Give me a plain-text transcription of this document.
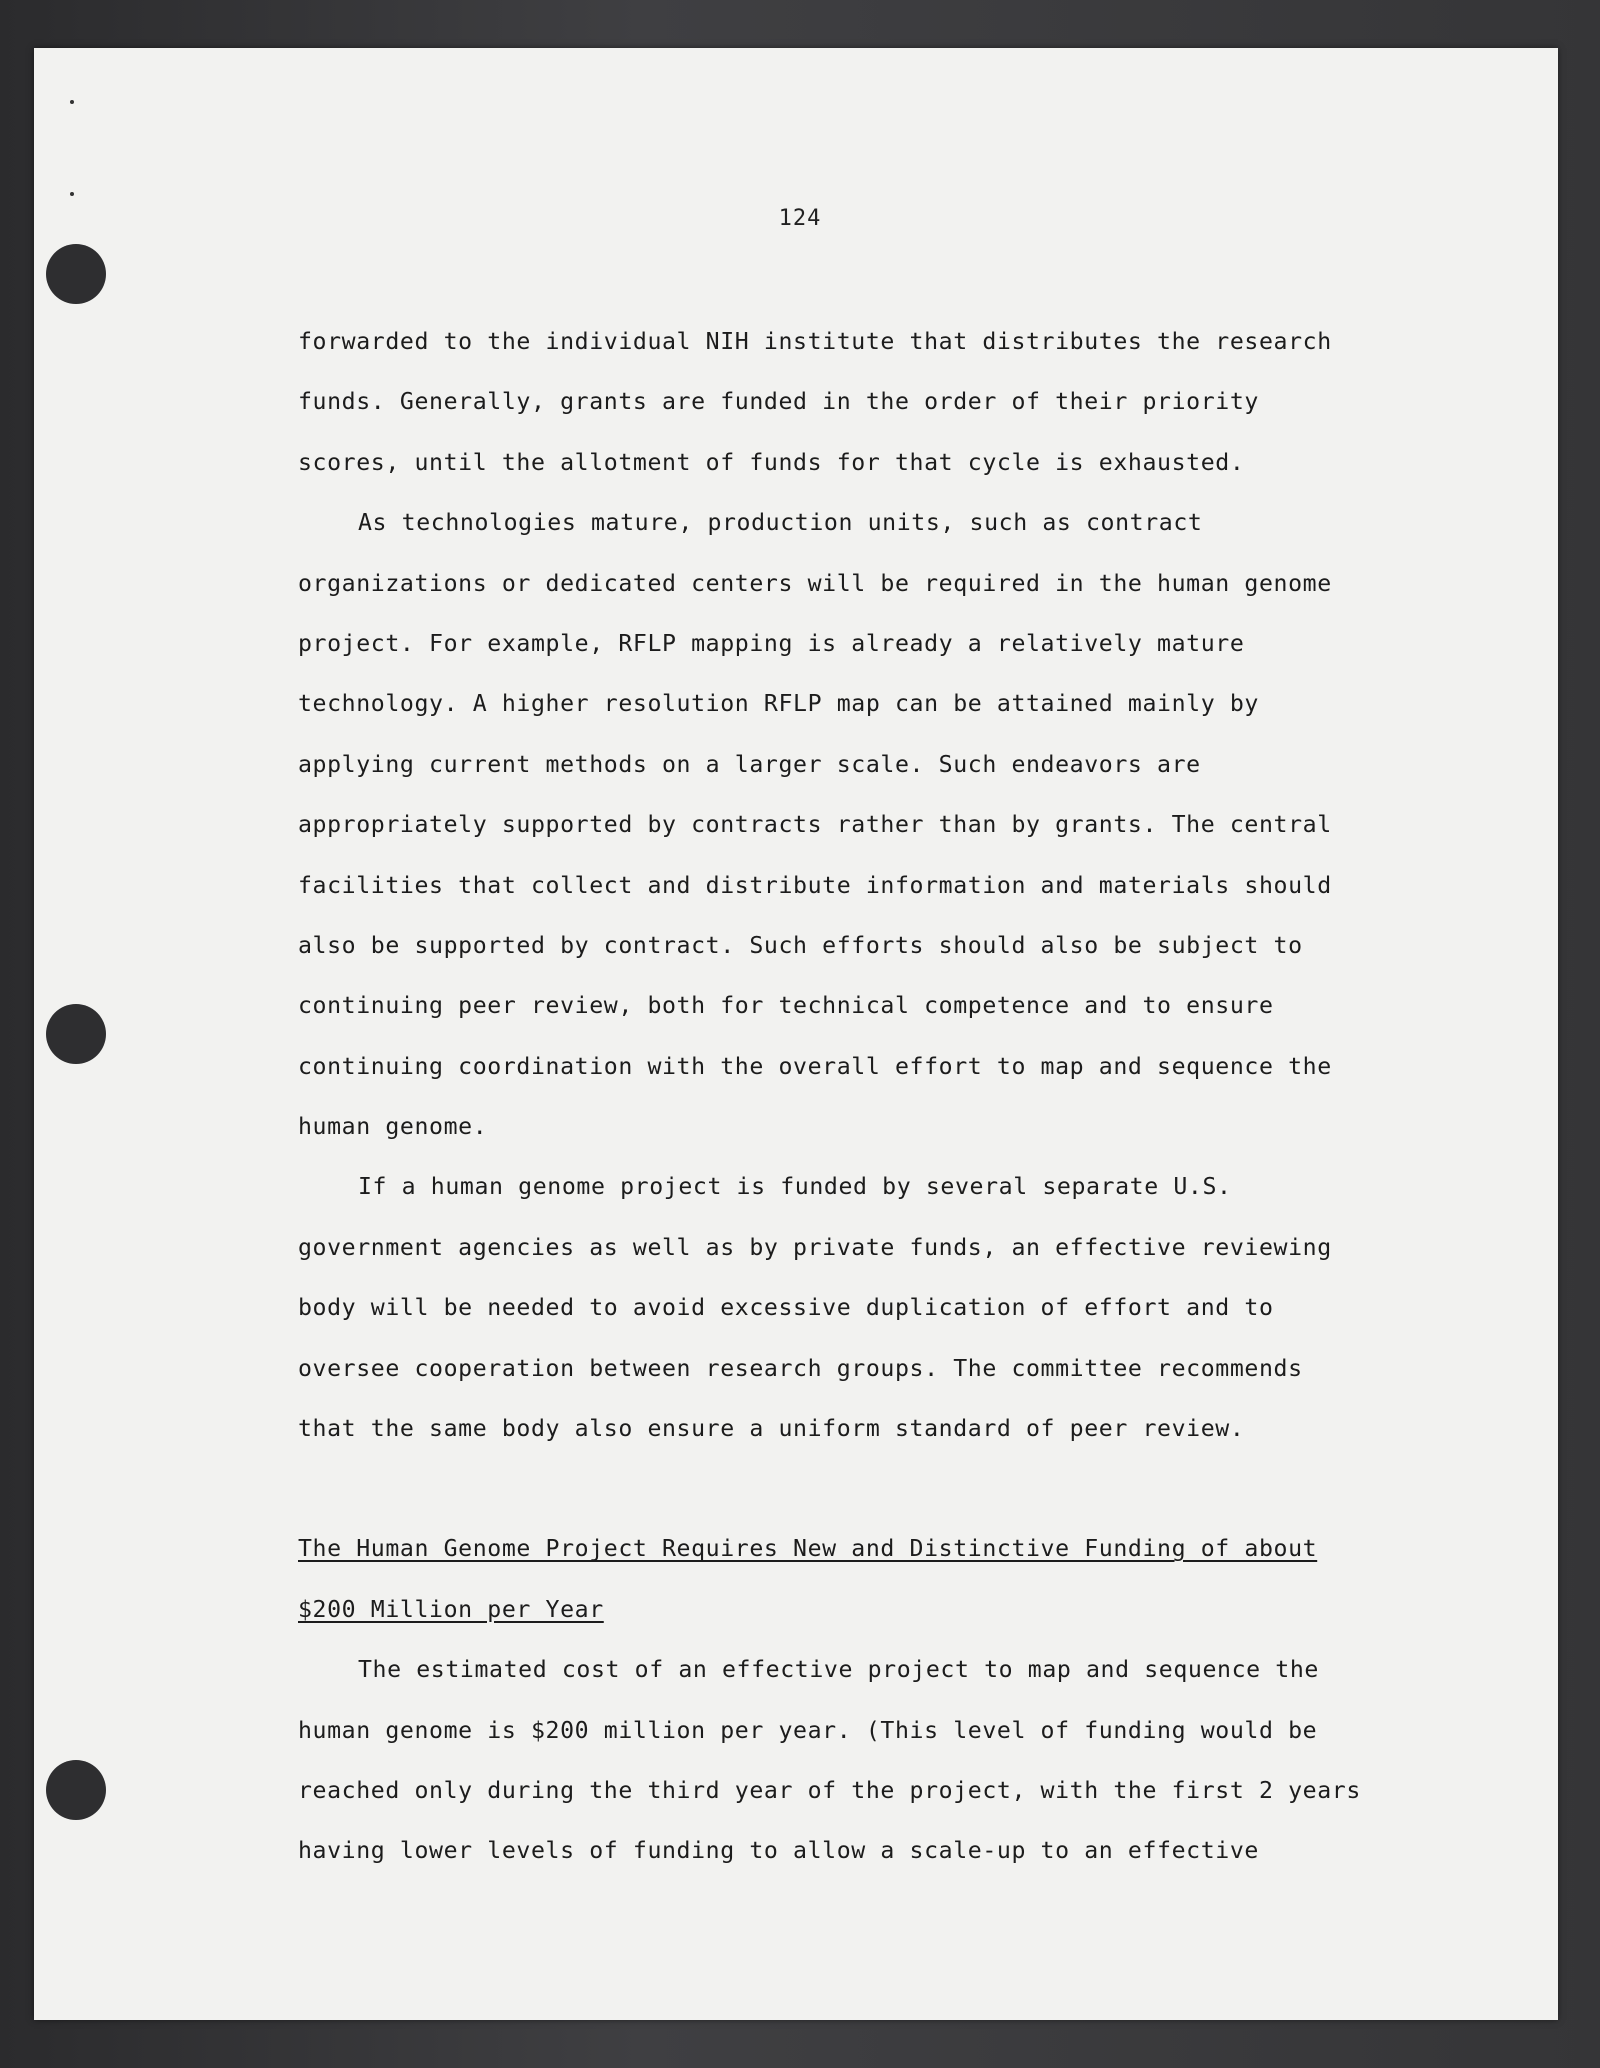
124
forwarded to the individual NIH institute that distributes the research
funds. Generally, grants are funded in the order of their priority
scores, until the allotment of funds for that cycle is exhausted.
As technologies mature, production units, such as contract
organizations or dedicated centers will be required in the human genome
project. For example, RFLP mapping is already a relatively mature
technology. A higher resolution RFLP map can be attained mainly by
applying current methods on a larger scale. Such endeavors are
appropriately supported by contracts rather than by grants. The central
facilities that collect and distribute information and materials should
also be supported by contract. Such efforts should also be subject to
continuing peer review, both for technical competence and to ensure
continuing coordination with the overall effort to map and sequence the
human genome.
If a human genome project is funded by several separate U.S.
government agencies as well as by private funds, an effective reviewing
body will be needed to avoid excessive duplication of effort and to
oversee cooperation between research groups. The committee recommends
that the same body also ensure a uniform standard of peer review.
The Human Genome Project Requires New and Distinctive Funding of about
$200 Million per Year
The estimated cost of an effective project to map and sequence the
human genome is $200 million per year. (This level of funding would be
reached only during the third year of the project, with the first 2 years
having lower levels of funding to allow a scale-up to an effective
